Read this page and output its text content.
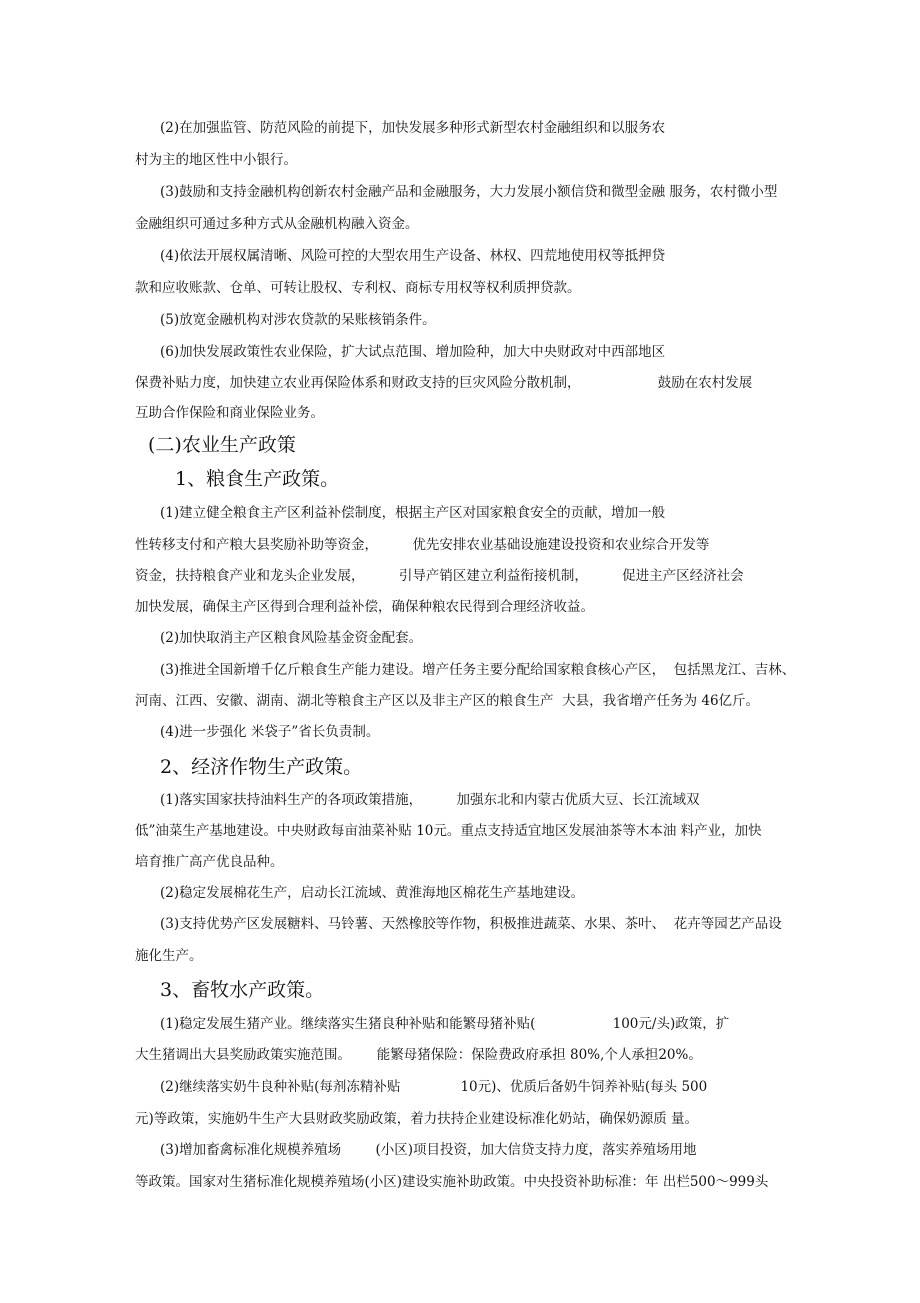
(2)在加强监管、防范风险的前提下，加快发展多种形式新型农村金融组织和以服务农
村为主的地区性中小银行。
(3)鼓励和支持金融机构创新农村金融产品和金融服务，大力发展小额信贷和微型金融 服务，农村微小型
金融组织可通过多种方式从金融机构融入资金。
(4)依法开展权属清晰、风险可控的大型农用生产设备、林权、四荒地使用权等抵押贷
款和应收账款、仓单、可转让股权、专利权、商标专用权等权利质押贷款。
(5)放宽金融机构对涉农贷款的呆账核销条件。
(6)加快发展政策性农业保险，扩大试点范围、增加险种，加大中央财政对中西部地区
保费补贴力度，加快建立农业再保险体系和财政支持的巨灾风险分散机制，                  鼓励在农村发展
互助合作保险和商业保险业务。
(二)农业生产政策
1、粮食生产政策。
(1)建立健全粮食主产区利益补偿制度，根据主产区对国家粮食安全的贡献，增加一般
性转移支付和产粮大县奖励补助等资金，        优先安排农业基础设施建设投资和农业综合开发等
资金，扶持粮食产业和龙头企业发展，        引导产销区建立利益衔接机制，        促进主产区经济社会
加快发展，确保主产区得到合理利益补偿，确保种粮农民得到合理经济收益。
(2)加快取消主产区粮食风险基金资金配套。
(3)推进全国新增千亿斤粮食生产能力建设。增产任务主要分配给国家粮食核心产区，  包括黑龙江、吉林、
河南、江西、安徽、湖南、湖北等粮食主产区以及非主产区的粮食生产  大县，我省增产任务为 46亿斤。
(4)进一步强化 米袋子”省长负责制。
2、经济作物生产政策。
(1)落实国家扶持油料生产的各项政策措施，        加强东北和内蒙古优质大豆、长江流域双
低”油菜生产基地建设。中央财政每亩油菜补贴 10元。重点支持适宜地区发展油茶等木本油 料产业，加快
培育推广高产优良品种。
(2)稳定发展棉花生产，启动长江流域、黄淮海地区棉花生产基地建设。
(3)支持优势产区发展糖料、马铃薯、天然橡胶等作物，积极推进蔬菜、水果、茶叶、  花卉等园艺产品设
施化生产。
3、畜牧水产政策。
(1)稳定发展生猪产业。继续落实生猪良种补贴和能繁母猪补贴(                  100元/头)政策，扩
大生猪调出大县奖励政策实施范围。      能繁母猪保险：保险费政府承担 80%,个人承担20%。
(2)继续落实奶牛良种补贴(每剂冻精补贴              10元)、优质后备奶牛饲养补贴(每头 500
元)等政策，实施奶牛生产大县财政奖励政策，着力扶持企业建设标准化奶站，确保奶源质 量。
(3)增加畜禽标准化规模养殖场        (小区)项目投资，加大信贷支持力度，落实养殖场用地
等政策。国家对生猪标准化规模养殖场(小区)建设实施补助政策。中央投资补助标准：年 出栏500～999头
